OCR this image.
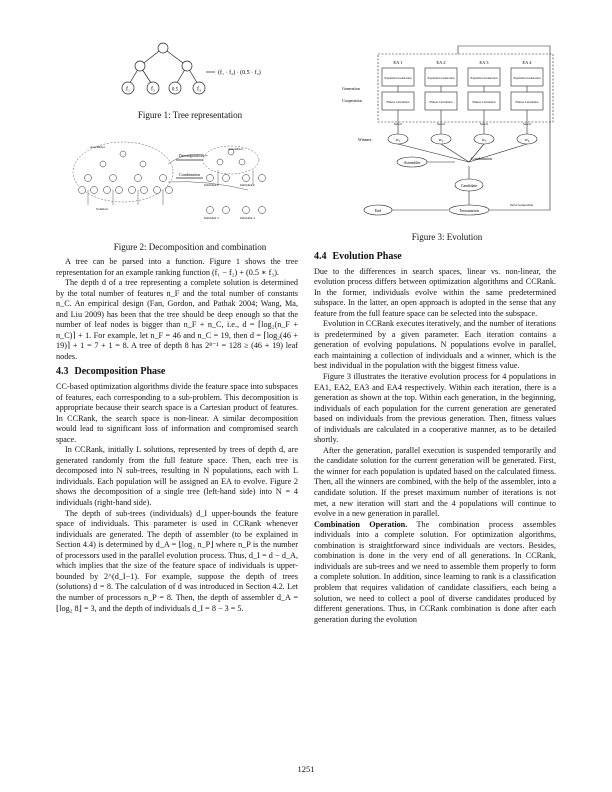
f₁	f₂	0.5	f₃
(f₁ · f₂) · (0.5 · f₃)
Figure 1: Tree representation
Assembler
Decomposition
Combination
Solution
Assembler
Individual 1	Individual 2
Individual 3	Individual 4
Figure 2: Decomposition and combination
EA 1	EA 2	EA 3	EA 4
Population Generation	Population Generation	Population Generation	Population Generation
Fitness Calculation	Fitness Calculation	Fitness Calculation	Fitness Calculation
Generation
Cooperation
Select	Select	Select	Select
Winners	w₁	w₂	w₃	w₄
Assembler
Combination
Candidate
Next Generation
End	Termination
Figure 3: Evolution

A tree can be parsed into a function. Figure 1 shows the tree representation for an example ranking function (f₁ − f₂) + (0.5 ∗ f₃).

The depth d of a tree representing a complete solution is determined by the total number of features n_F and the total number of constants n_C. An empirical design (Fan, Gordon, and Pathak 2004; Wang, Ma, and Liu 2009) has been that the tree should be deep enough so that the number of leaf nodes is bigger than n_F + n_C, i.e., d = ⌈log₂(n_F + n_C)⌉ + 1. For example, let n_F = 46 and n_C = 19, then d = ⌈log₂(46 + 19)⌉ + 1 = 7 + 1 = 8. A tree of depth 8 has 2⁸⁻¹ = 128 ≥ (46 + 19) leaf nodes.

4.3 Decomposition Phase

CC-based optimization algorithms divide the feature space into subspaces of features, each corresponding to a sub-problem. This decomposition is appropriate because their search space is a Cartesian product of features. In CCRank, the search space is non-linear. A similar decomposition would lead to significant loss of information and compromised search space.

In CCRank, initially L solutions, represented by trees of depth d, are generated randomly from the full feature space. Then, each tree is decomposed into N sub-trees, resulting in N populations, each with L individuals. Each population will be assigned an EA to evolve. Figure 2 shows the decomposition of a single tree (left-hand side) into N = 4 individuals (right-hand side).

The depth of sub-trees (individuals) d_I upper-bounds the feature space of individuals. This parameter is used in CCRank whenever individuals are generated. The depth of assembler (to be explained in Section 4.4) is determined by d_A = ⌊log₂ n_P⌋ where n_P is the number of processors used in the parallel evolution process. Thus, d_I = d − d_A, which implies that the size of the feature space of individuals is upper-bounded by 2^(d_I−1). For example, suppose the depth of trees (solutions) d = 8. The calculation of d was introduced in Section 4.2. Let the number of processors n_P = 8. Then, the depth of assembler d_A = ⌊log₂ 8⌋ = 3, and the depth of individuals d_I = 8 − 3 = 5.

4.4 Evolution Phase

Due to the differences in search spaces, linear vs. non-linear, the evolution process differs between optimization algorithms and CCRank. In the former, individuals evolve within the same predetermined subspace. In the latter, an open approach is adopted in the sense that any feature from the full feature space can be selected into the subspace.

Evolution in CCRank executes iteratively, and the number of iterations is predetermined by a given parameter. Each iteration contains a generation of evolving populations. N populations evolve in parallel, each maintaining a collection of individuals and a winner, which is the best individual in the population with the biggest fitness value.

Figure 3 illustrates the iterative evolution process for 4 populations in EA1, EA2, EA3 and EA4 respectively. Within each iteration, there is a generation as shown at the top. Within each generation, in the beginning, individuals of each population for the current generation are generated based on individuals from the previous generation. Then, fitness values of individuals are calculated in a cooperative manner, as to be detailed shortly.

After the generation, parallel execution is suspended temporarily and the candidate solution for the current generation will be generated. First, the winner for each population is updated based on the calculated fitness. Then, all the winners are combined, with the help of the assembler, into a candidate solution. If the preset maximum number of iterations is not met, a new iteration will start and the 4 populations will continue to evolve in a new generation in parallel.

Combination Operation. The combination process assembles individuals into a complete solution. For optimization algorithms, combination is straightforward since individuals are vectors. Besides, combination is done in the very end of all generations. In CCRank, individuals are sub-trees and we need to assemble them properly to form a complete solution. In addition, since learning to rank is a classification problem that requires validation of candidate classifiers, each being a solution, we need to collect a pool of diverse candidates produced by different generations. Thus, in CCRank combination is done after each generation during the evolution

1251
